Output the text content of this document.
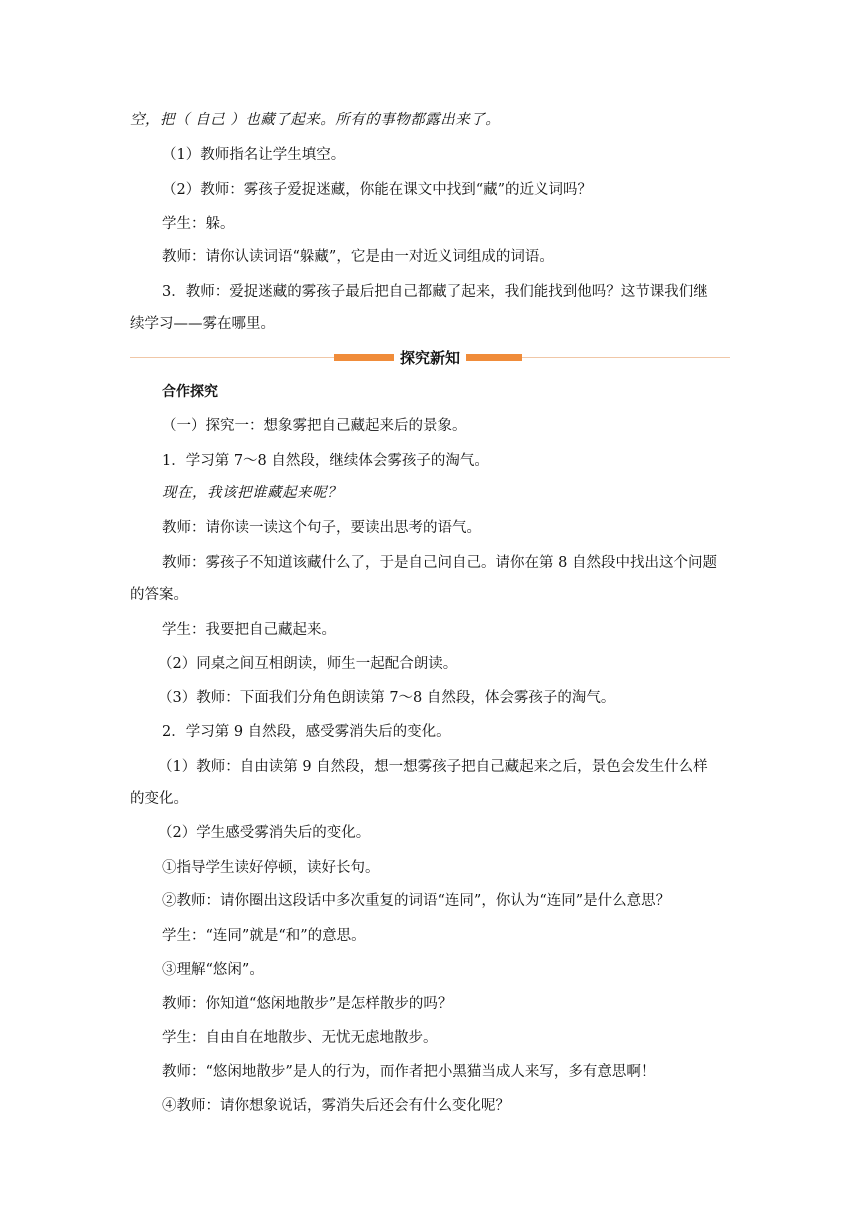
空，把（ 自己 ）也藏了起来。所有的事物都露出来了。
（1）教师指名让学生填空。
（2）教师：雾孩子爱捉迷藏，你能在课文中找到“藏”的近义词吗？
学生：躲。
教师：请你认读词语“躲藏”，它是由一对近义词组成的词语。
3．教师：爱捉迷藏的雾孩子最后把自己都藏了起来，我们能找到他吗？这节课我们继
续学习——雾在哪里。
探究新知
合作探究
（一）探究一：想象雾把自己藏起来后的景象。
1．学习第 7～8 自然段，继续体会雾孩子的淘气。
现在，我该把谁藏起来呢？
教师：请你读一读这个句子，要读出思考的语气。
教师：雾孩子不知道该藏什么了，于是自己问自己。请你在第 8 自然段中找出这个问题
的答案。
学生：我要把自己藏起来。
（2）同桌之间互相朗读，师生一起配合朗读。
（3）教师：下面我们分角色朗读第 7～8 自然段，体会雾孩子的淘气。
2．学习第 9 自然段，感受雾消失后的变化。
（1）教师：自由读第 9 自然段，想一想雾孩子把自己藏起来之后，景色会发生什么样
的变化。
（2）学生感受雾消失后的变化。
①指导学生读好停顿，读好长句。
②教师：请你圈出这段话中多次重复的词语“连同”，你认为“连同”是什么意思？
学生：“连同”就是“和”的意思。
③理解“悠闲”。
教师：你知道“悠闲地散步”是怎样散步的吗？
学生：自由自在地散步、无忧无虑地散步。
教师：“悠闲地散步”是人的行为，而作者把小黑猫当成人来写，多有意思啊！
④教师：请你想象说话，雾消失后还会有什么变化呢？
